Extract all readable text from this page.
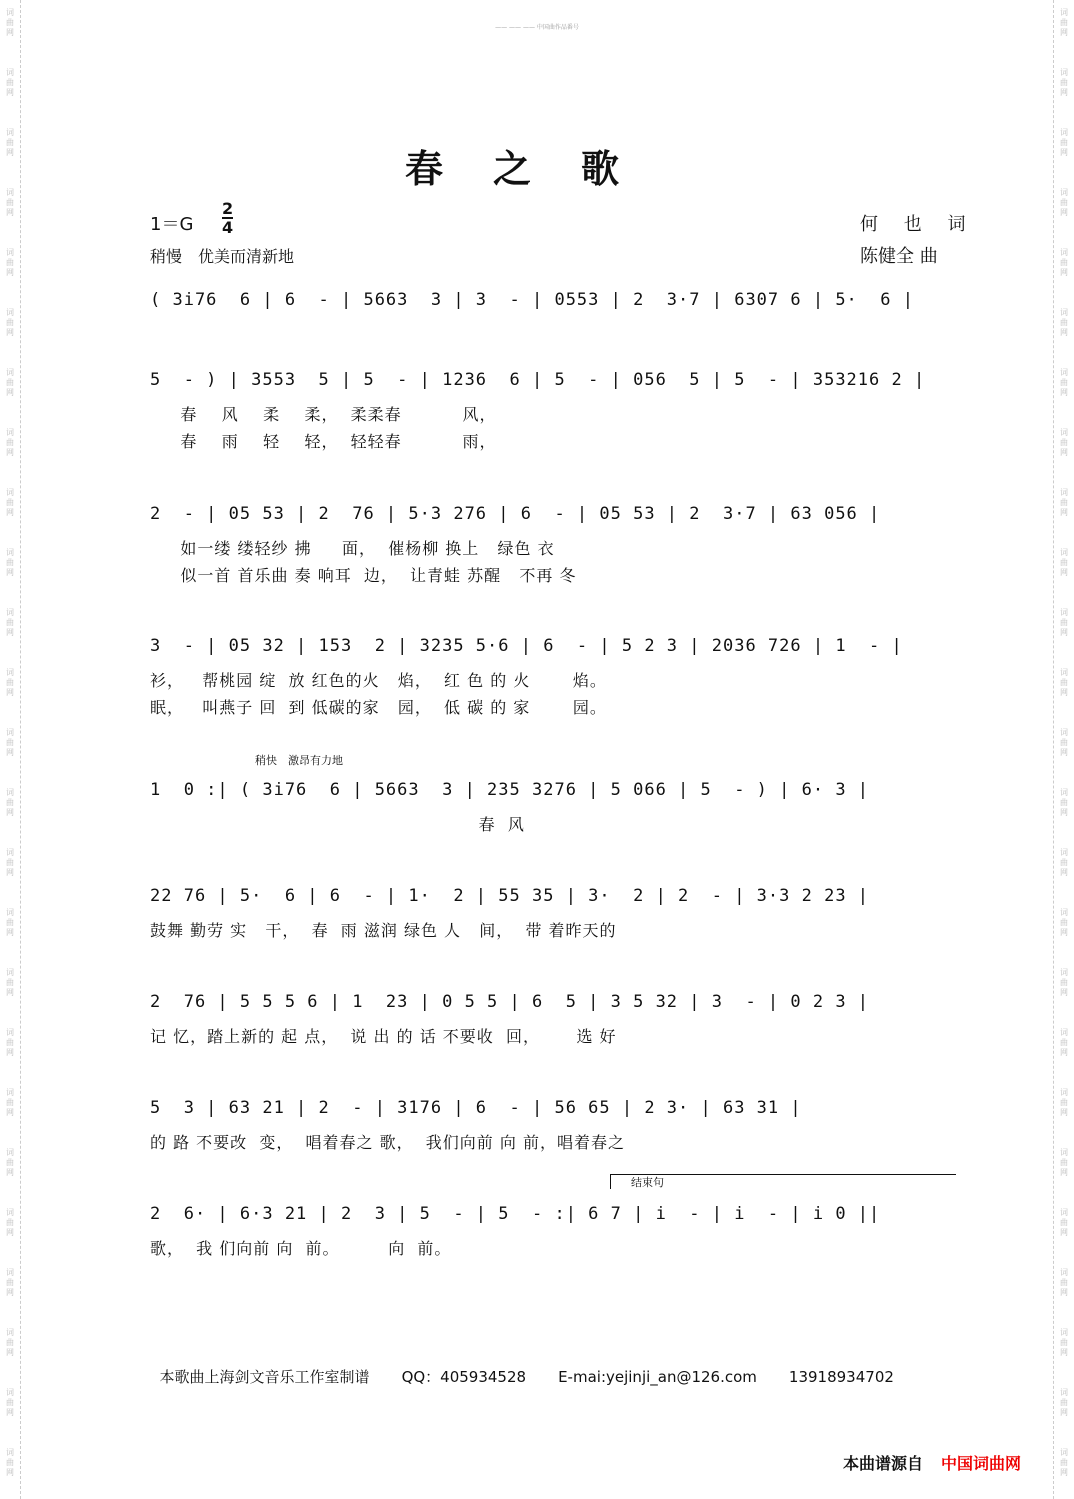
词曲网
词曲网
词曲网
词曲网
词曲网
词曲网
词曲网
词曲网
词曲网
词曲网
词曲网
词曲网
词曲网
词曲网
词曲网
词曲网
词曲网
词曲网
词曲网
词曲网
词曲网
词曲网
词曲网
词曲网
词曲网
词曲网
词曲网
词曲网
词曲网
词曲网
词曲网
词曲网
词曲网
词曲网
词曲网
词曲网
词曲网
词曲网
词曲网
词曲网
词曲网
词曲网
词曲网
词曲网
词曲网
词曲网
词曲网
词曲网
词曲网
词曲网
—— —— —— 中国曲作品番号
春之歌
$1=G \frac{2}{4}$
稍慢　优美而清新地
何 也 词
陈健全 曲
( 3i76  6 | 6  - | 5663  3 | 3  - | 0553 | 2  3·7 | 6307 6 | 5·  6 |
5  - ) | 3553  5 | 5  - | 1236  6 | 5  - | 056  5 | 5  - | 353216 2 |
春    风    柔    柔，  柔柔春          风，
春    雨    轻    轻，  轻轻春          雨，
2  - | 05 53 | 2  76 | 5·3 276 | 6  - | 05 53 | 2  3·7 | 63 056 |
如一缕 缕轻纱 拂     面，  催杨柳 换上   绿色 衣
似一首 首乐曲 奏 响耳  边，  让青蛙 苏醒   不再 冬
3  - | 05 32 | 153  2 | 3235 5·6 | 6  - | 5 2 3 | 2036 726 | 1  - |
衫，   帮桃园 绽  放 红色的火   焰，  红 色 的 火       焰。
眠，   叫燕子 回  到 低碳的家   园，  低 碳 的 家       园。
1  0 :| ( 3i76  6 | 5663  3 | 235 3276 | 5 066 | 5  - ) | 6· 3 |
春  风
稍快　激昂有力地
22 76 | 5·  6 | 6  - | 1·  2 | 55 35 | 3·  2 | 2  - | 3·3 2 23 |
鼓舞 勤劳 实   干，  春  雨 滋润 绿色 人   间，  带 着昨天的
2  76 | 5 5 5 6 | 1  23 | 0 5 5 | 6  5 | 3 5 32 | 3  - | 0 2 3 |
记 忆，踏上新的 起 点，  说 出 的 话 不要收  回，      选 好
5  3 | 63 21 | 2  - | 3176 | 6  - | 56 65 | 2 3· | 63 31 |
的 路 不要改  变，  唱着春之 歌，  我们向前 向 前，唱着春之
2  6· | 6·3 21 | 2  3 | 5  - | 5  - :| 6 7 | i  - | i  - | i 0 ||
歌，  我 们向前 向  前。        向  前。
结束句

本歌曲上海剑文音乐工作室制谱 QQ：405934528 E-mai:yejinji_an@126.com 13918934702

本曲谱源自 中国词曲网
